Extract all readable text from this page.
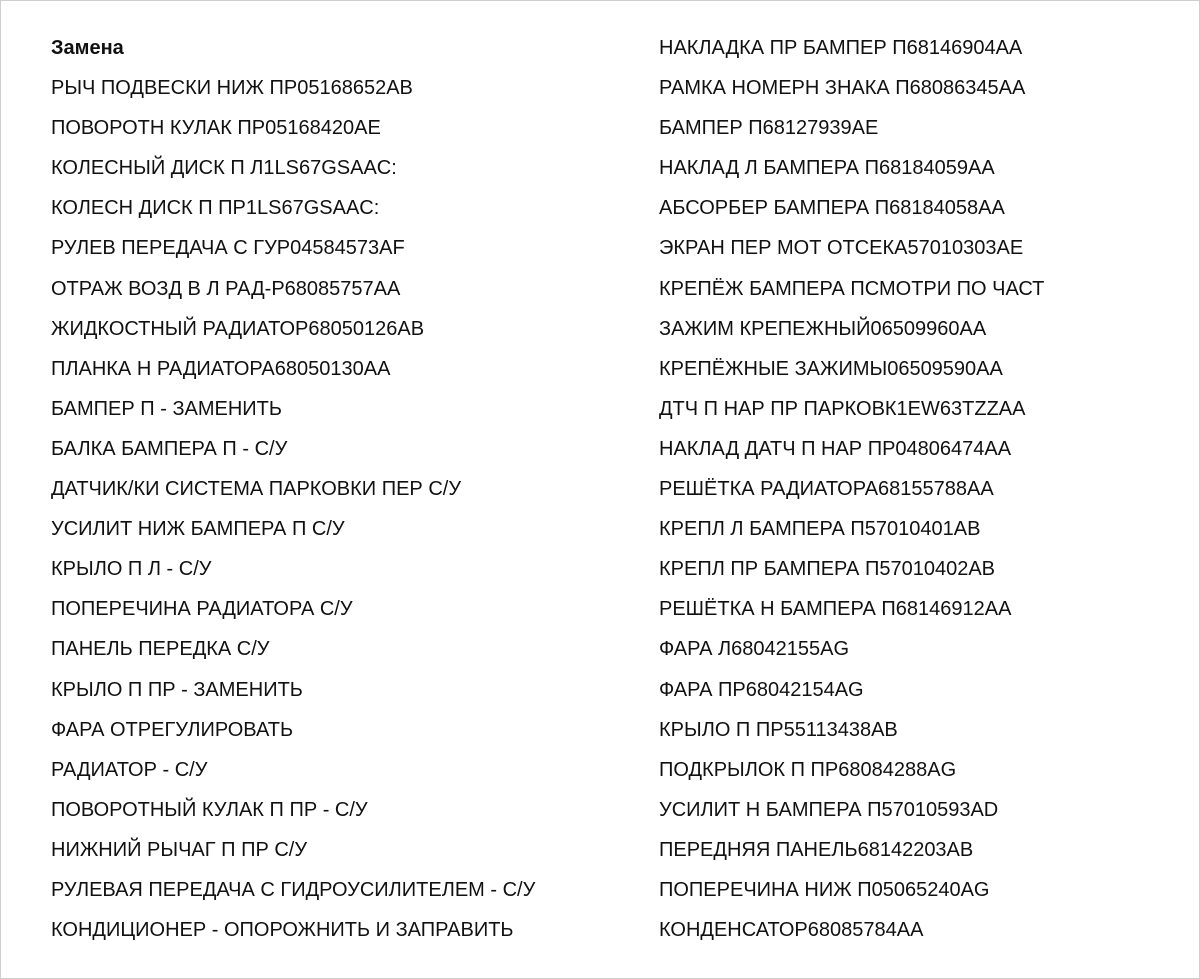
Замена
РЫЧ ПОДВЕСКИ НИЖ ПР05168652АВ
ПОВОРОТН КУЛАК ПР05168420АЕ
КОЛЕСНЫЙ ДИСК П Л1LS67GSAAC:
КОЛЕСН ДИСК П ПР1LS67GSAAC:
РУЛЕВ ПЕРЕДАЧА С ГУР04584573AF
ОТРАЖ ВОЗД В Л РАД-Р68085757АА
ЖИДКОСТНЫЙ РАДИАТОР68050126АВ
ПЛАНКА Н РАДИАТОРА68050130АА
БАМПЕР П - ЗАМЕНИТЬ
БАЛКА БАМПЕРА П - С/У
ДАТЧИК/КИ СИСТЕМА ПАРКОВКИ ПЕР С/У
УСИЛИТ НИЖ БАМПЕРА П С/У
КРЫЛО П Л - С/У
ПОПЕРЕЧИНА РАДИАТОРА С/У
ПАНЕЛЬ ПЕРЕДКА С/У
КРЫЛО П ПР - ЗАМЕНИТЬ
ФАРА ОТРЕГУЛИРОВАТЬ
РАДИАТОР - С/У
ПОВОРОТНЫЙ КУЛАК П ПР - С/У
НИЖНИЙ РЫЧАГ П ПР С/У
РУЛЕВАЯ ПЕРЕДАЧА С ГИДРОУСИЛИТЕЛЕМ - С/У
КОНДИЦИОНЕР - ОПОРОЖНИТЬ И ЗАПРАВИТЬ
НАКЛАДКА ПР БАМПЕР П68146904АА
РАМКА НОМЕРН ЗНАКА П68086345АА
БАМПЕР П68127939АЕ
НАКЛАД Л БАМПЕРА П68184059АА
АБСОРБЕР БАМПЕРА П68184058АА
ЭКРАН ПЕР МОТ ОТСЕКА57010303АЕ
КРЕПЁЖ БАМПЕРА ПСМОТРИ ПО ЧАСТ
ЗАЖИМ КРЕПЕЖНЫЙ06509960АА
КРЕПЁЖНЫЕ ЗАЖИМЫ06509590АА
ДТЧ П НАР ПР ПАРКОВК1EW63TZZAA
НАКЛАД ДАТЧ П НАР ПР04806474АА
РЕШЁТКА РАДИАТОРА68155788АА
КРЕПЛ Л БАМПЕРА П57010401АВ
КРЕПЛ ПР БАМПЕРА П57010402АВ
РЕШЁТКА Н БАМПЕРА П68146912АА
ФАРА Л68042155AG
ФАРА ПР68042154AG
КРЫЛО П ПР55113438АВ
ПОДКРЫЛОК П ПР68084288AG
УСИЛИТ Н БАМПЕРА П57010593AD
ПЕРЕДНЯЯ ПАНЕЛЬ68142203АВ
ПОПЕРЕЧИНА НИЖ П05065240AG
КОНДЕНСАТОР68085784АА
